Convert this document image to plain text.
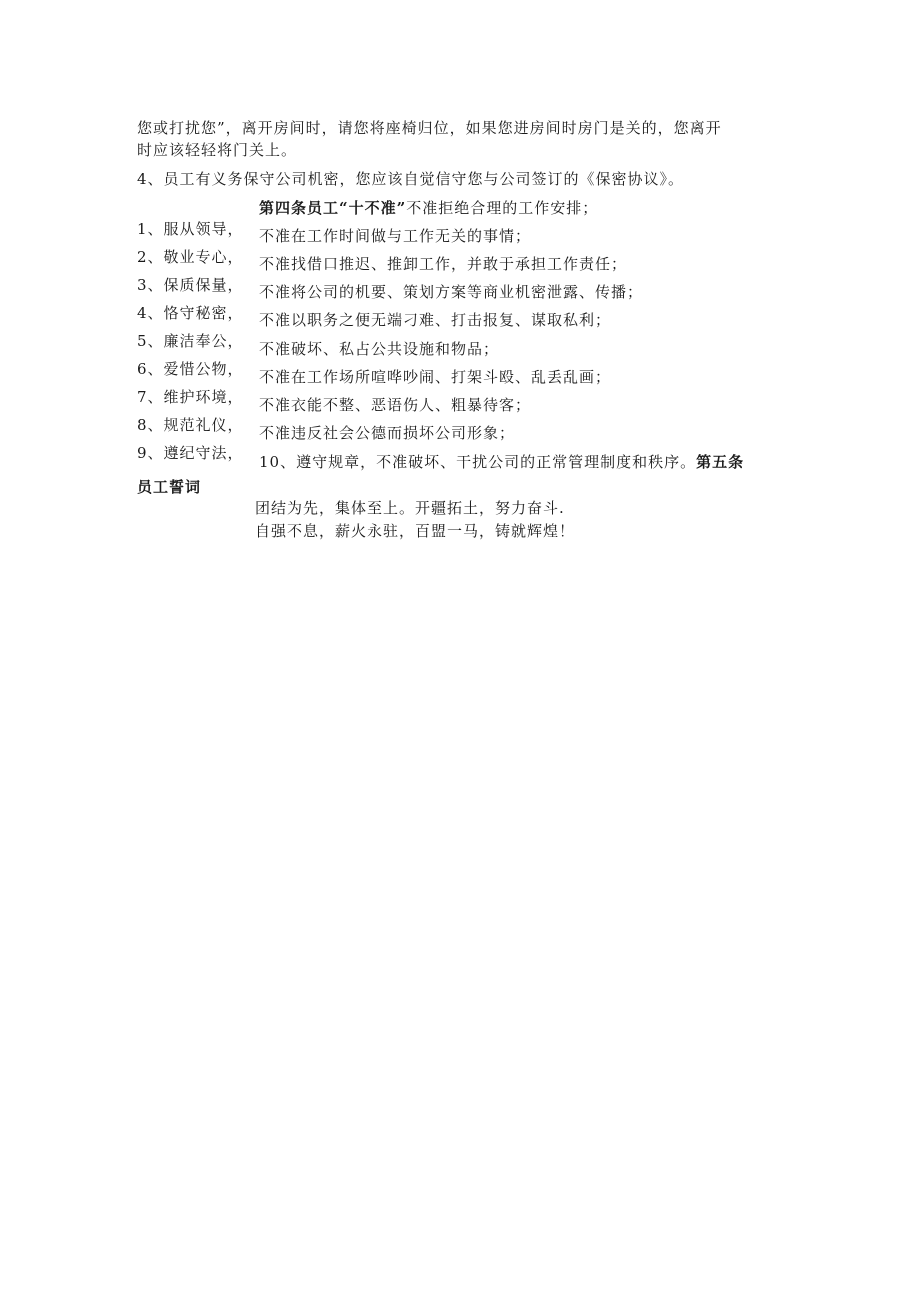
您或打扰您”，离开房间时，请您将座椅归位，如果您进房间时房门是关的，您离开
时应该轻轻将门关上。
4、员工有义务保守公司机密，您应该自觉信守您与公司签订的《保密协议》。
第四条员工“十不准”不准拒绝合理的工作安排；
1、服从领导，
2、敬业专心，
3、保质保量，
4、恪守秘密，
5、廉洁奉公，
6、爱惜公物，
7、维护环境，
8、规范礼仪，
9、遵纪守法，
不准在工作时间做与工作无关的事情；
不准找借口推迟、推卸工作，并敢于承担工作责任；
不准将公司的机要、策划方案等商业机密泄露、传播；
不准以职务之便无端刁难、打击报复、谋取私利；
不准破坏、私占公共设施和物品；
不准在工作场所喧哗吵闹、打架斗殴、乱丢乱画；
不准衣能不整、恶语伤人、粗暴待客；
不准违反社会公德而损坏公司形象；
10、遵守规章，不准破坏、干扰公司的正常管理制度和秩序。第五条
员工誓词
团结为先，集体至上。开疆拓土，努力奋斗.
自强不息，薪火永驻，百盟一马，铸就辉煌！
